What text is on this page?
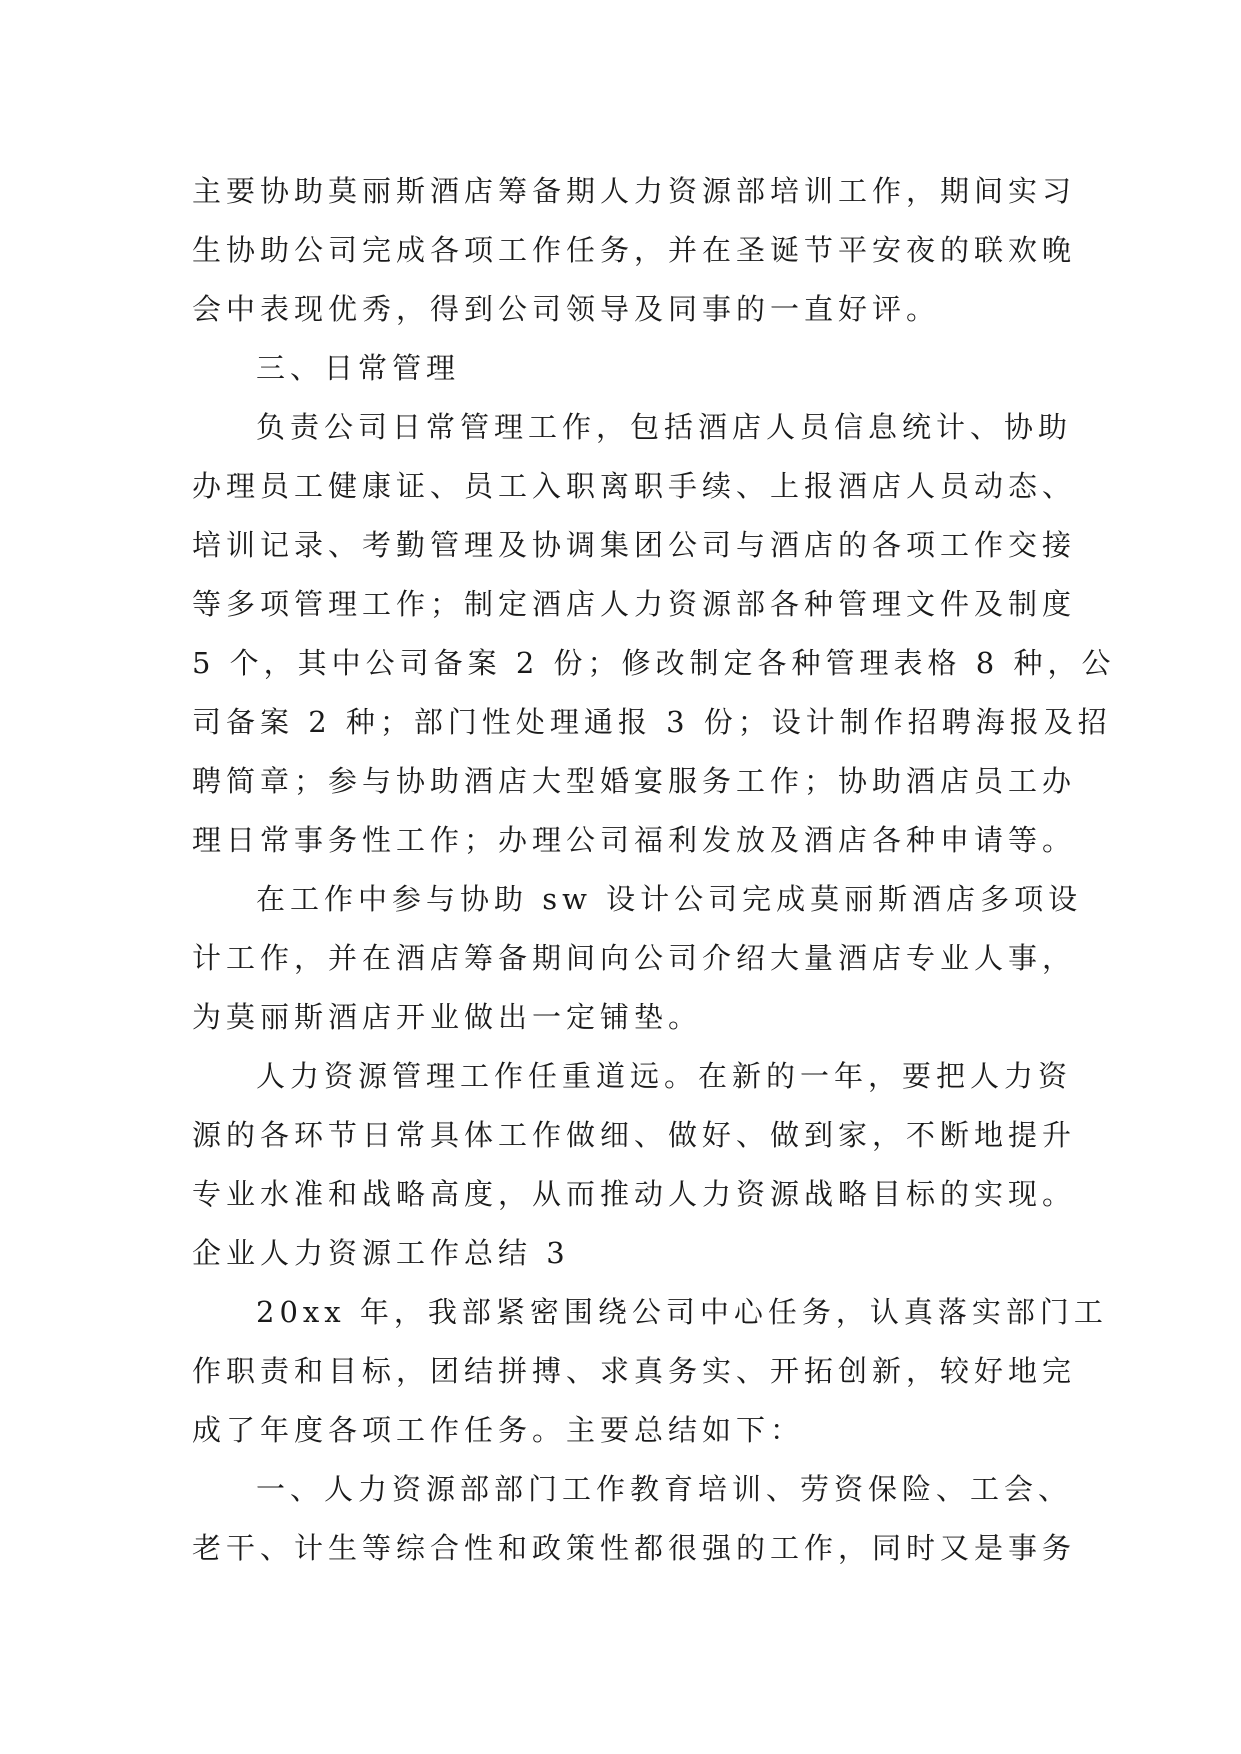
主要协助莫丽斯酒店筹备期人力资源部培训工作，期间实习
生协助公司完成各项工作任务，并在圣诞节平安夜的联欢晚
会中表现优秀，得到公司领导及同事的一直好评。
三、日常管理
负责公司日常管理工作，包括酒店人员信息统计、协助
办理员工健康证、员工入职离职手续、上报酒店人员动态、
培训记录、考勤管理及协调集团公司与酒店的各项工作交接
等多项管理工作；制定酒店人力资源部各种管理文件及制度
5 个，其中公司备案 2 份；修改制定各种管理表格 8 种，公
司备案 2 种；部门性处理通报 3 份；设计制作招聘海报及招
聘简章；参与协助酒店大型婚宴服务工作；协助酒店员工办
理日常事务性工作；办理公司福利发放及酒店各种申请等。
在工作中参与协助 sw 设计公司完成莫丽斯酒店多项设
计工作，并在酒店筹备期间向公司介绍大量酒店专业人事，
为莫丽斯酒店开业做出一定铺垫。
人力资源管理工作任重道远。在新的一年，要把人力资
源的各环节日常具体工作做细、做好、做到家，不断地提升
专业水准和战略高度，从而推动人力资源战略目标的实现。
企业人力资源工作总结 3
20xx 年，我部紧密围绕公司中心任务，认真落实部门工
作职责和目标，团结拼搏、求真务实、开拓创新，较好地完
成了年度各项工作任务。主要总结如下：
一、人力资源部部门工作教育培训、劳资保险、工会、
老干、计生等综合性和政策性都很强的工作，同时又是事务
